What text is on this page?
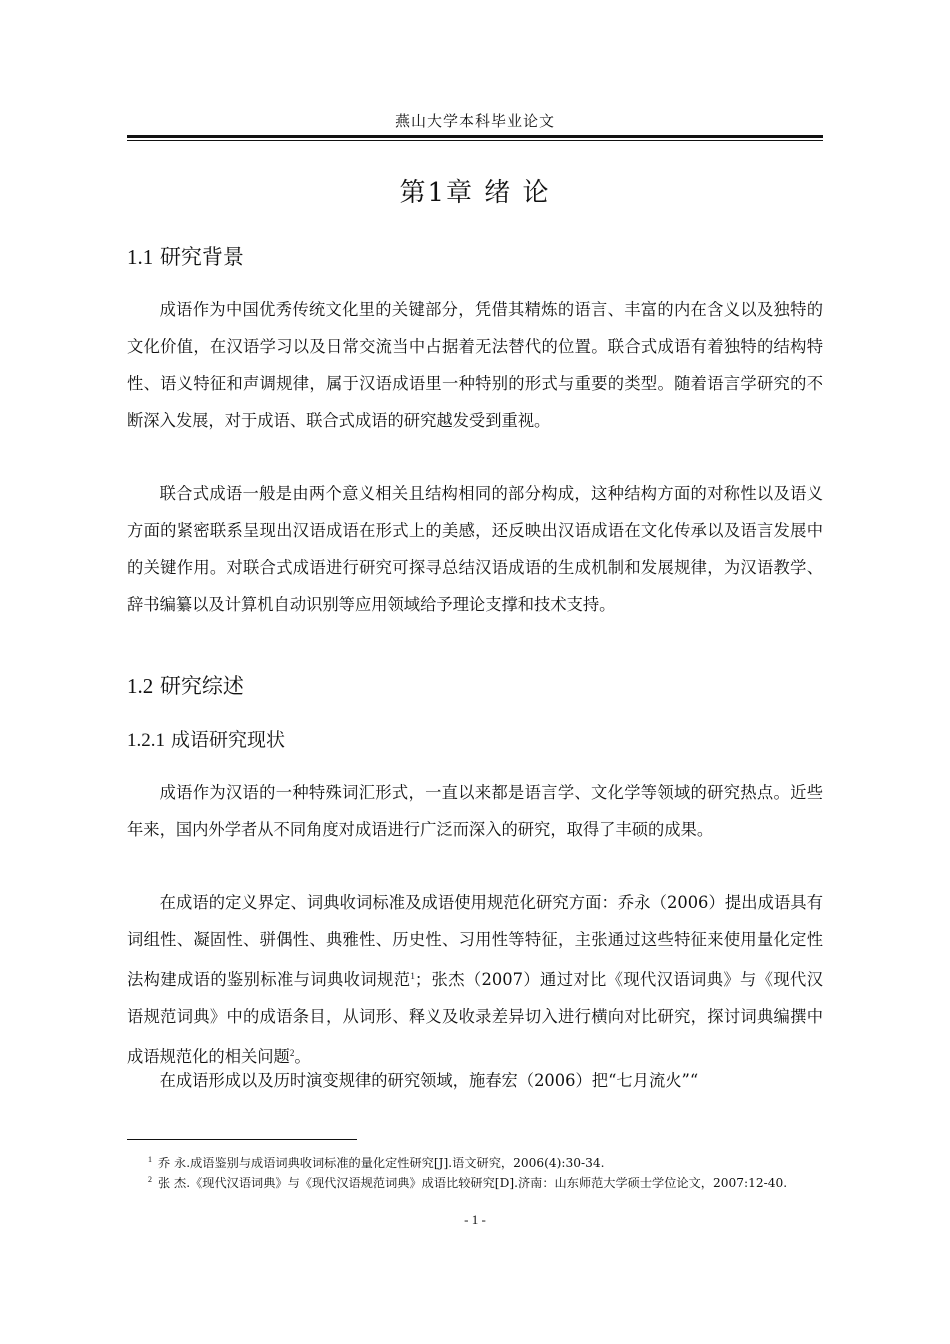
燕山大学本科毕业论文
第1章 绪 论
1.1 研究背景

成语作为中国优秀传统文化里的关键部分，凭借其精炼的语言、丰富的内在含义以及独特的文化价值，在汉语学习以及日常交流当中占据着无法替代的位置。联合式成语有着独特的结构特性、语义特征和声调规律，属于汉语成语里一种特别的形式与重要的类型。随着语言学研究的不断深入发展，对于成语、联合式成语的研究越发受到重视。

联合式成语一般是由两个意义相关且结构相同的部分构成，这种结构方面的对称性以及语义方面的紧密联系呈现出汉语成语在形式上的美感，还反映出汉语成语在文化传承以及语言发展中的关键作用。对联合式成语进行研究可探寻总结汉语成语的生成机制和发展规律，为汉语教学、辞书编纂以及计算机自动识别等应用领域给予理论支撑和技术支持。

1.2 研究综述
1.2.1 成语研究现状

成语作为汉语的一种特殊词汇形式，一直以来都是语言学、文化学等领域的研究热点。近些年来，国内外学者从不同角度对成语进行广泛而深入的研究，取得了丰硕的成果。

在成语的定义界定、词典收词标准及成语使用规范化研究方面：乔永（2006）提出成语具有词组性、凝固性、骈偶性、典雅性、历史性、习用性等特征，主张通过这些特征来使用量化定性法构建成语的鉴别标准与词典收词规范$^1$；张杰（2007）通过对比《现代汉语词典》与《现代汉语规范词典》中的成语条目，从词形、释义及收录差异切入进行横向对比研究，探讨词典编撰中成语规范化的相关问题$^2$。

在成语形成以及历时演变规律的研究领域，施春宏（2006）把“七月流火”“

$^1$ 乔 永.成语鉴别与成语词典收词标准的量化定性研究[J].语文研究，2006(4):30-34.
$^2$ 张 杰.《现代汉语词典》与《现代汉语规范词典》成语比较研究[D].济南：山东师范大学硕士学位论文，2007:12-40.
- 1 -
